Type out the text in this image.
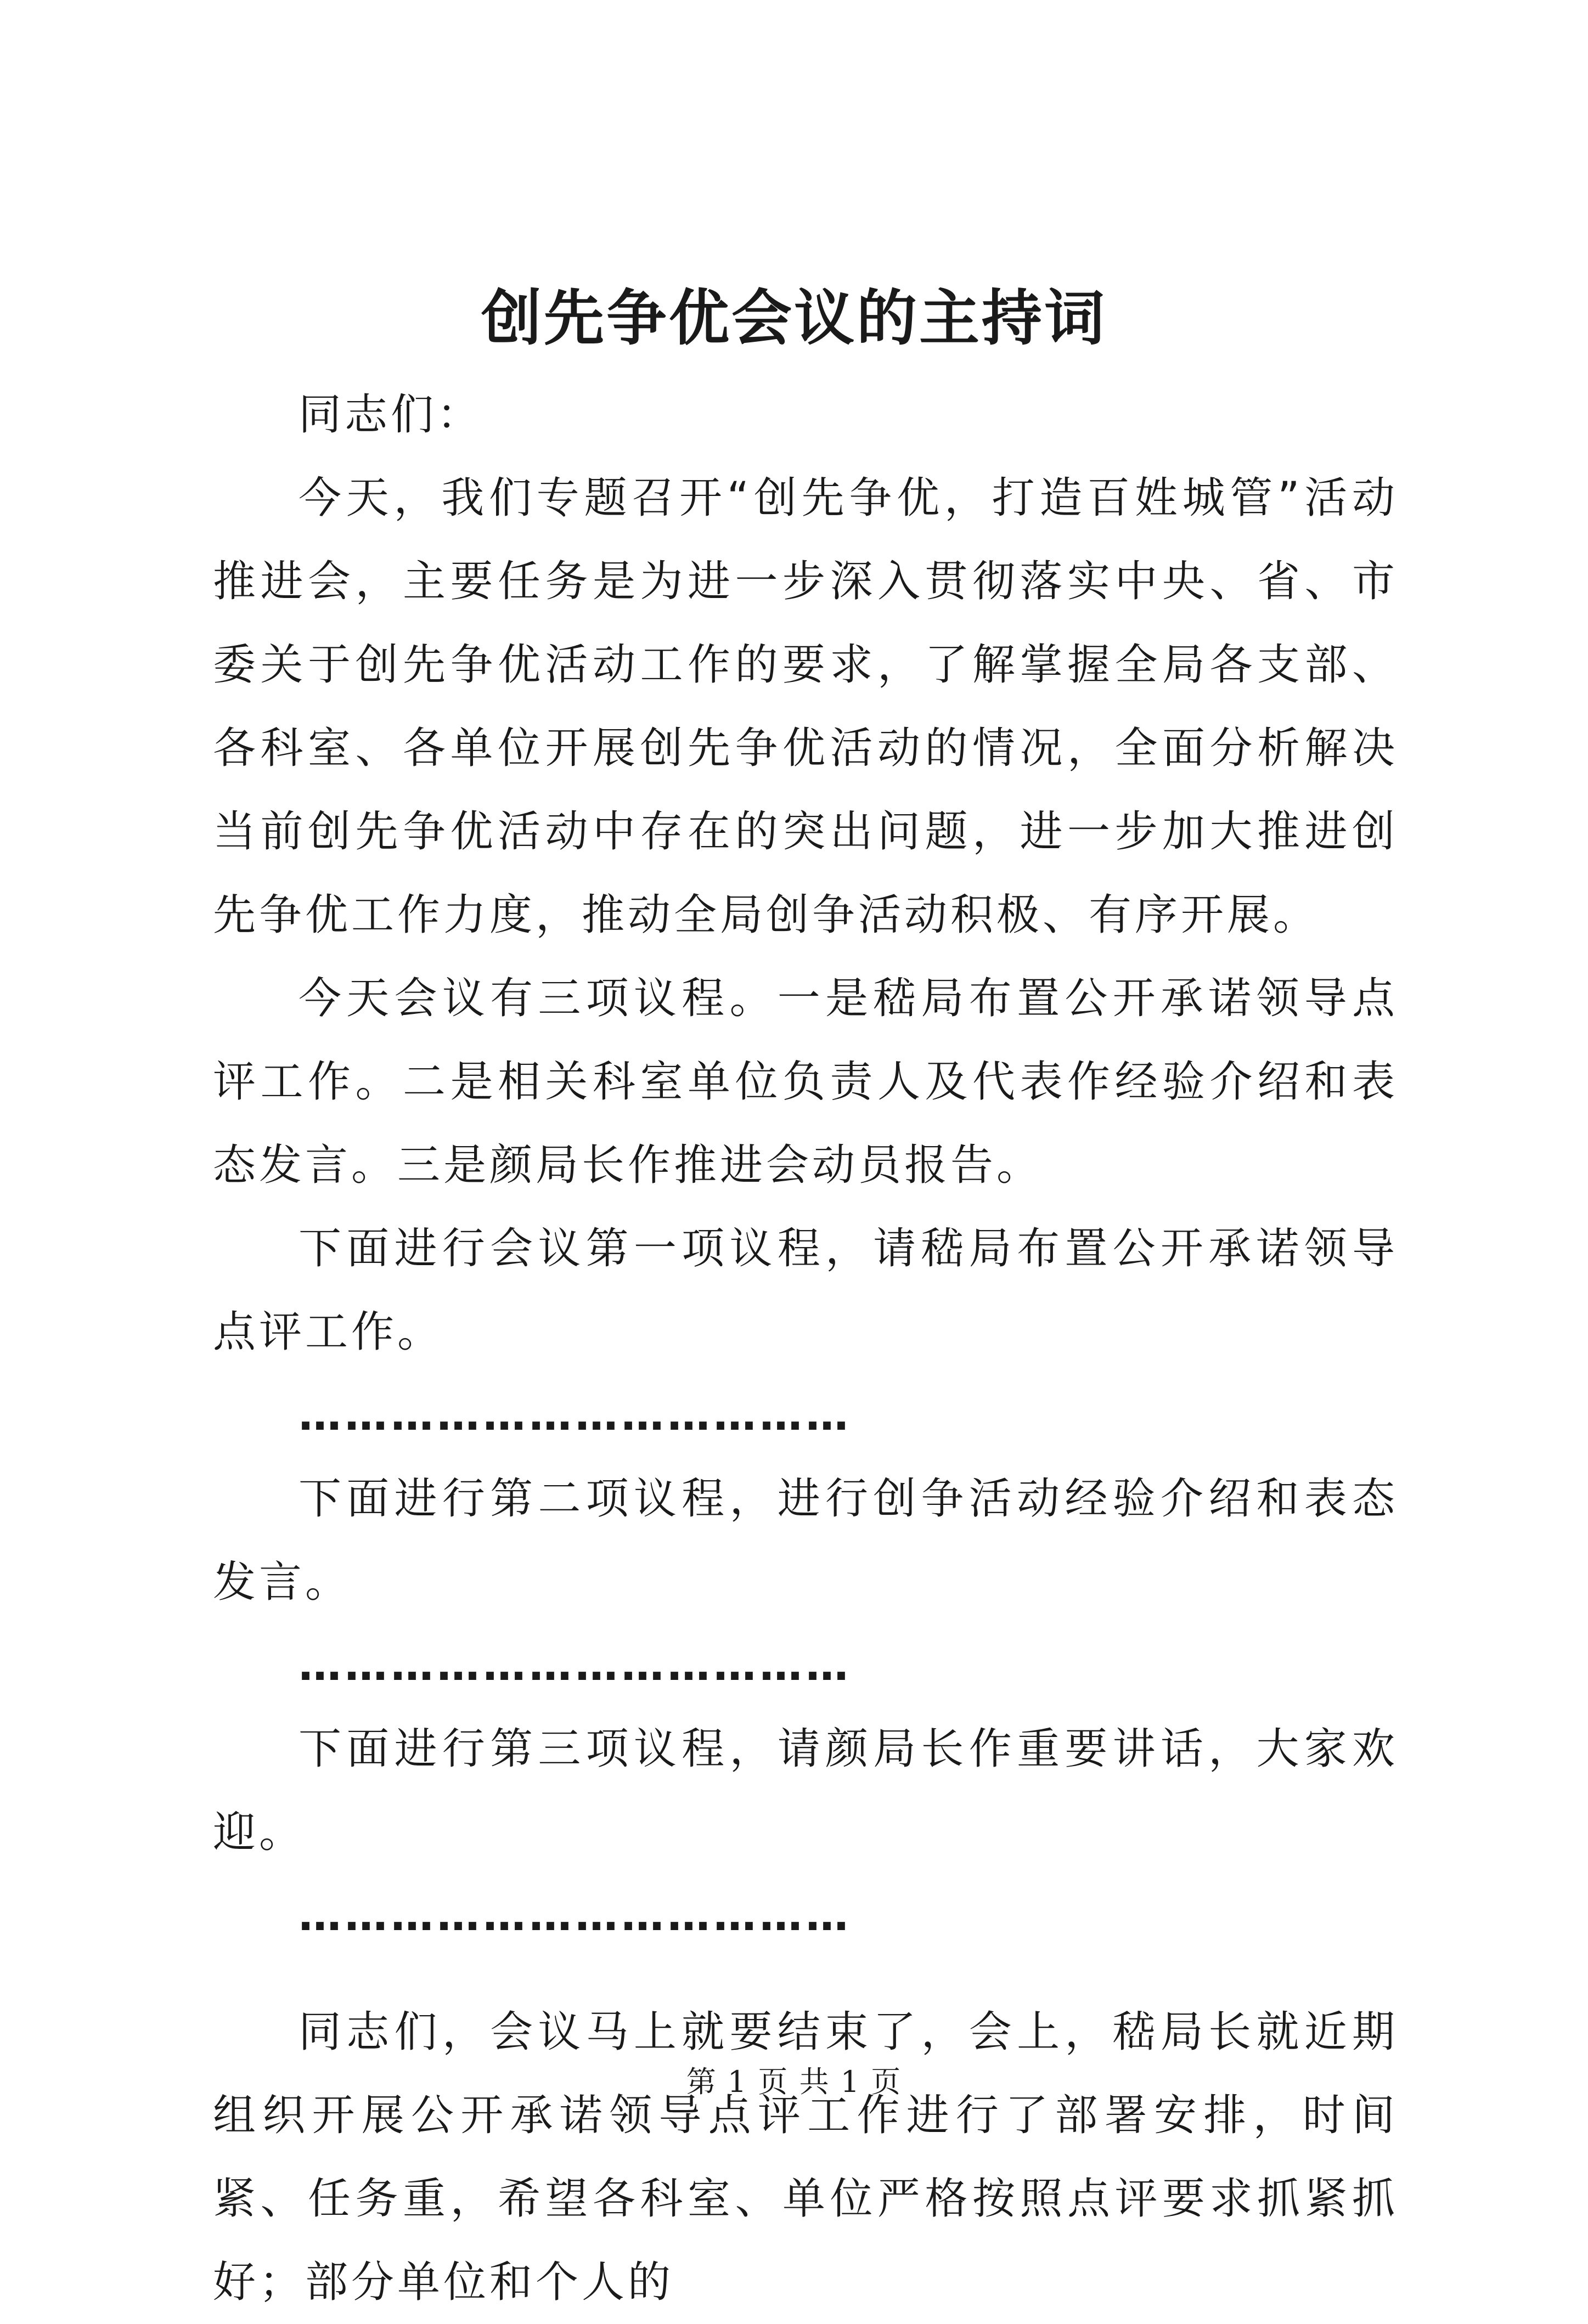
创先争优会议的主持词

同志们：

今天，我们专题召开“创先争优，打造百姓城管”活动推进会，主要任务是为进一步深入贯彻落实中央、省、市委关于创先争优活动工作的要求，了解掌握全局各支部、各科室、各单位开展创先争优活动的情况，全面分析解决当前创先争优活动中存在的突出问题，进一步加大推进创先争优工作力度，推动全局创争活动积极、有序开展。

今天会议有三项议程。一是嵇局布置公开承诺领导点评工作。二是相关科室单位负责人及代表作经验介绍和表态发言。三是颜局长作推进会动员报告。

下面进行会议第一项议程，请嵇局布置公开承诺领导点评工作。

………………………………

下面进行第二项议程，进行创争活动经验介绍和表态发言。

………………………………

下面进行第三项议程，请颜局长作重要讲话，大家欢迎。

………………………………

同志们，会议马上就要结束了，会上，嵇局长就近期组织开展公开承诺领导点评工作进行了部署安排，时间紧、任务重，希望各科室、单位严格按照点评要求抓紧抓好；部分单位和个人的

第 1 页 共 1 页
